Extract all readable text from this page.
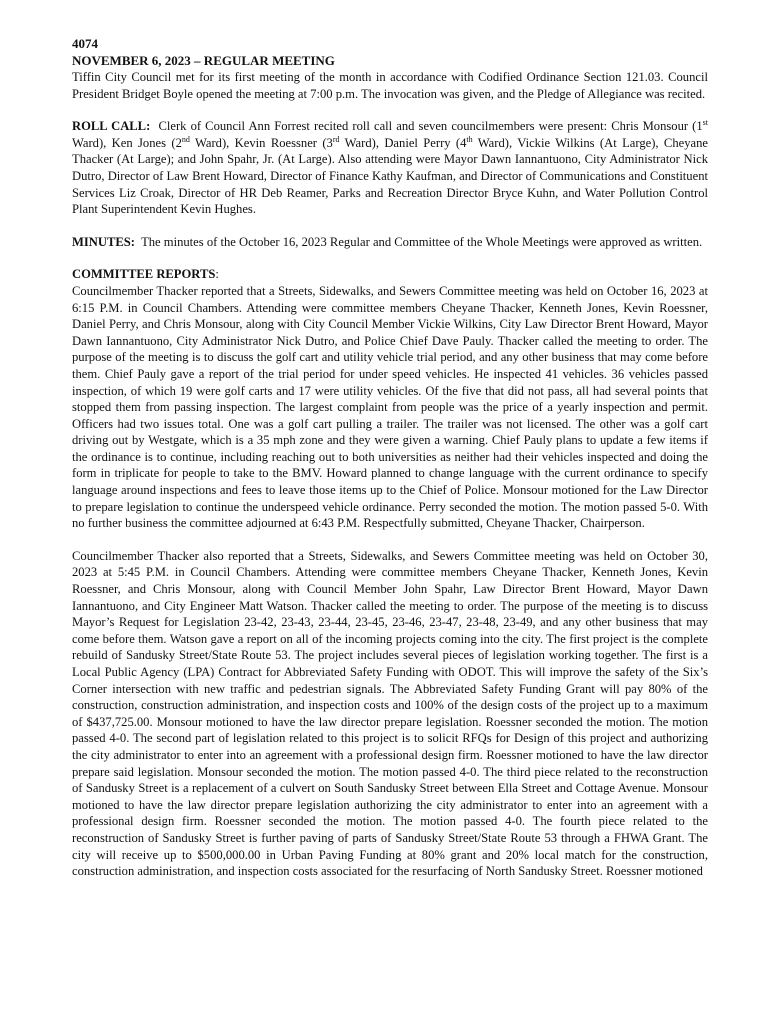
4074
NOVEMBER 6, 2023 – REGULAR MEETING

Tiffin City Council met for its first meeting of the month in accordance with Codified Ordinance Section 121.03. Council President Bridget Boyle opened the meeting at 7:00 p.m. The invocation was given, and the Pledge of Allegiance was recited.

ROLL CALL: Clerk of Council Ann Forrest recited roll call and seven councilmembers were present: Chris Monsour (1st Ward), Ken Jones (2nd Ward), Kevin Roessner (3rd Ward), Daniel Perry (4th Ward), Vickie Wilkins (At Large), Cheyane Thacker (At Large); and John Spahr, Jr. (At Large). Also attending were Mayor Dawn Iannantuono, City Administrator Nick Dutro, Director of Law Brent Howard, Director of Finance Kathy Kaufman, and Director of Communications and Constituent Services Liz Croak, Director of HR Deb Reamer, Parks and Recreation Director Bryce Kuhn, and Water Pollution Control Plant Superintendent Kevin Hughes.

MINUTES: The minutes of the October 16, 2023 Regular and Committee of the Whole Meetings were approved as written.

COMMITTEE REPORTS:

Councilmember Thacker reported that a Streets, Sidewalks, and Sewers Committee meeting was held on October 16, 2023 at 6:15 P.M. in Council Chambers. Attending were committee members Cheyane Thacker, Kenneth Jones, Kevin Roessner, Daniel Perry, and Chris Monsour, along with City Council Member Vickie Wilkins, City Law Director Brent Howard, Mayor Dawn Iannantuono, City Administrator Nick Dutro, and Police Chief Dave Pauly. Thacker called the meeting to order. The purpose of the meeting is to discuss the golf cart and utility vehicle trial period, and any other business that may come before them. Chief Pauly gave a report of the trial period for under speed vehicles. He inspected 41 vehicles. 36 vehicles passed inspection, of which 19 were golf carts and 17 were utility vehicles. Of the five that did not pass, all had several points that stopped them from passing inspection. The largest complaint from people was the price of a yearly inspection and permit. Officers had two issues total. One was a golf cart pulling a trailer. The trailer was not licensed. The other was a golf cart driving out by Westgate, which is a 35 mph zone and they were given a warning. Chief Pauly plans to update a few items if the ordinance is to continue, including reaching out to both universities as neither had their vehicles inspected and doing the form in triplicate for people to take to the BMV. Howard planned to change language with the current ordinance to specify language around inspections and fees to leave those items up to the Chief of Police. Monsour motioned for the Law Director to prepare legislation to continue the underspeed vehicle ordinance. Perry seconded the motion. The motion passed 5-0. With no further business the committee adjourned at 6:43 P.M. Respectfully submitted, Cheyane Thacker, Chairperson.

Councilmember Thacker also reported that a Streets, Sidewalks, and Sewers Committee meeting was held on October 30, 2023 at 5:45 P.M. in Council Chambers. Attending were committee members Cheyane Thacker, Kenneth Jones, Kevin Roessner, and Chris Monsour, along with Council Member John Spahr, Law Director Brent Howard, Mayor Dawn Iannantuono, and City Engineer Matt Watson. Thacker called the meeting to order. The purpose of the meeting is to discuss Mayor’s Request for Legislation 23-42, 23-43, 23-44, 23-45, 23-46, 23-47, 23-48, 23-49, and any other business that may come before them. Watson gave a report on all of the incoming projects coming into the city. The first project is the complete rebuild of Sandusky Street/State Route 53. The project includes several pieces of legislation working together. The first is a Local Public Agency (LPA) Contract for Abbreviated Safety Funding with ODOT. This will improve the safety of the Six’s Corner intersection with new traffic and pedestrian signals. The Abbreviated Safety Funding Grant will pay 80% of the construction, construction administration, and inspection costs and 100% of the design costs of the project up to a maximum of $437,725.00. Monsour motioned to have the law director prepare legislation. Roessner seconded the motion. The motion passed 4-0. The second part of legislation related to this project is to solicit RFQs for Design of this project and authorizing the city administrator to enter into an agreement with a professional design firm. Roessner motioned to have the law director prepare said legislation. Monsour seconded the motion. The motion passed 4-0. The third piece related to the reconstruction of Sandusky Street is a replacement of a culvert on South Sandusky Street between Ella Street and Cottage Avenue. Monsour motioned to have the law director prepare legislation authorizing the city administrator to enter into an agreement with a professional design firm. Roessner seconded the motion. The motion passed 4-0. The fourth piece related to the reconstruction of Sandusky Street is further paving of parts of Sandusky Street/State Route 53 through a FHWA Grant. The city will receive up to $500,000.00 in Urban Paving Funding at 80% grant and 20% local match for the construction, construction administration, and inspection costs associated for the resurfacing of North Sandusky Street. Roessner motioned
